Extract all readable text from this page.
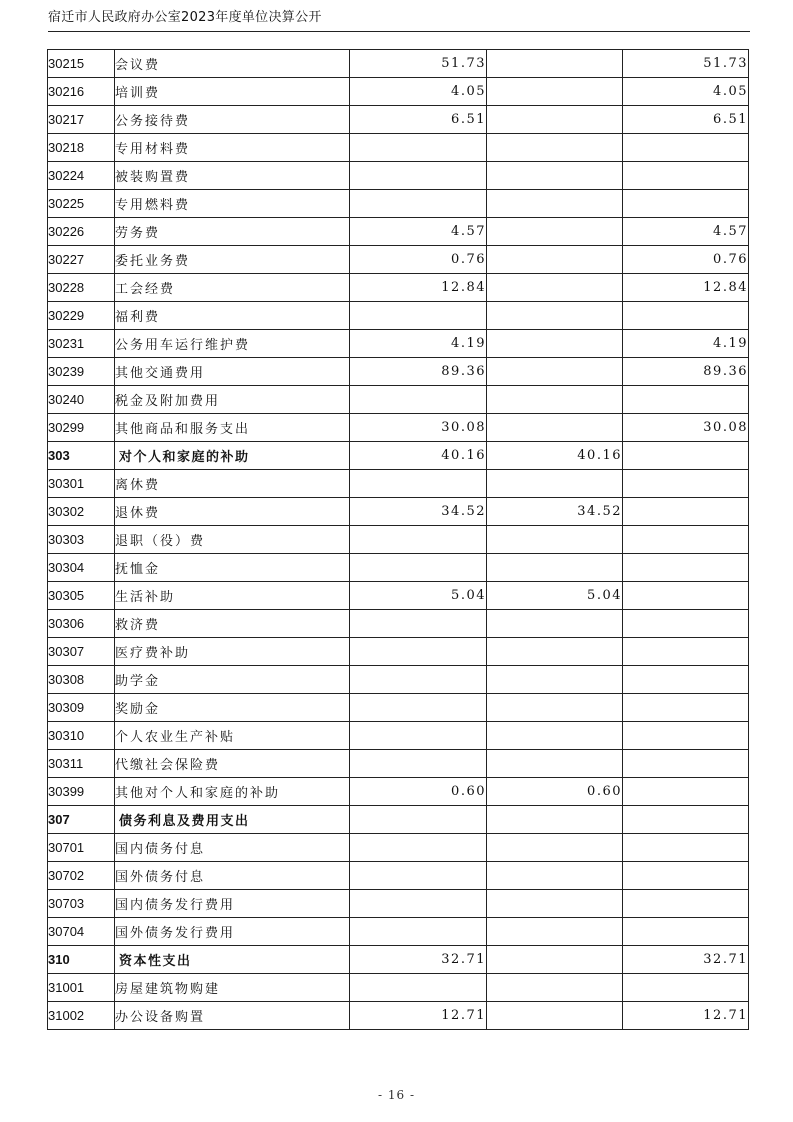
宿迁市人民政府办公室2023年度单位决算公开
30215	会议费	51.73		51.73
30216	培训费	4.05		4.05
30217	公务接待费	6.51		6.51
30218	专用材料费			
30224	被装购置费			
30225	专用燃料费			
30226	劳务费	4.57		4.57
30227	委托业务费	0.76		0.76
30228	工会经费	12.84		12.84
30229	福利费			
30231	公务用车运行维护费	4.19		4.19
30239	其他交通费用	89.36		89.36
30240	税金及附加费用			
30299	其他商品和服务支出	30.08		30.08
303	对个人和家庭的补助	40.16	40.16	
30301	离休费			
30302	退休费	34.52	34.52	
30303	退职（役）费			
30304	抚恤金			
30305	生活补助	5.04	5.04	
30306	救济费			
30307	医疗费补助			
30308	助学金			
30309	奖励金			
30310	个人农业生产补贴			
30311	代缴社会保险费			
30399	其他对个人和家庭的补助	0.60	0.60	
307	债务利息及费用支出			
30701	国内债务付息			
30702	国外债务付息			
30703	国内债务发行费用			
30704	国外债务发行费用			
310	资本性支出	32.71		32.71
31001	房屋建筑物购建			
31002	办公设备购置	12.71		12.71
- 16 -
